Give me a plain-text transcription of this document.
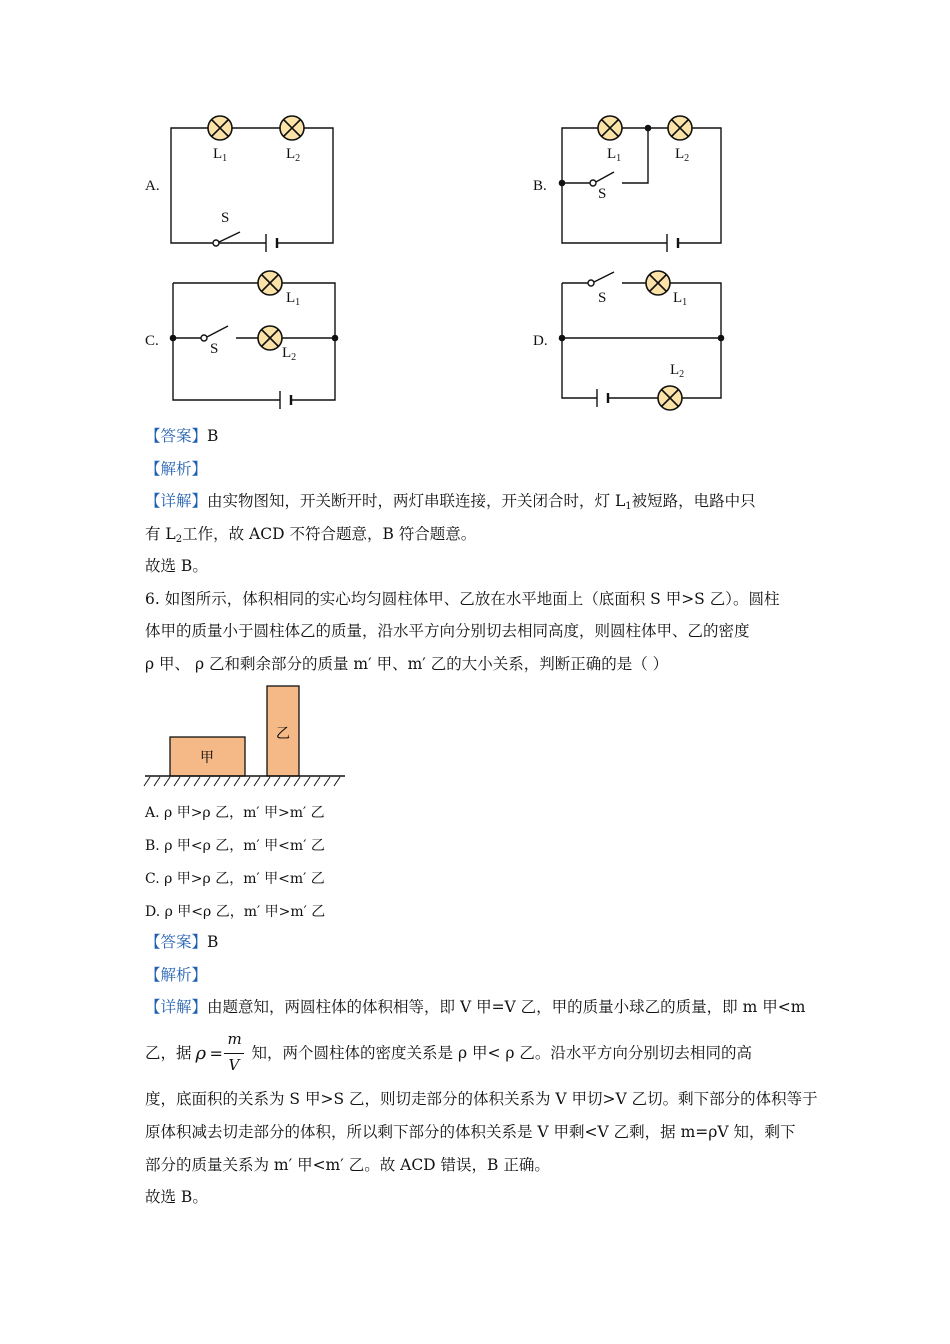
A.
$L_1$	$L_2$
S
B.
$L_1$	$L_2$
S
C.
$L_1$
$L_2$
S	D.
$L_1$
S
$L_2$
【答案】B
【解析】
【详解】由实物图知，开关断开时，两灯串联连接，开关闭合时，灯 $L_1$被短路，电路中只
有 $L_2$工作，故 ACD 不符合题意，B 符合题意。
故选 B。
6. 如图所示，体积相同的实心均匀圆柱体甲、乙放在水平地面上（底面积 S 甲>S 乙）。圆柱
体甲的质量小于圆柱体乙的质量，沿水平方向分别切去相同高度，则圆柱体甲、乙的密度
ρ 甲、 ρ 乙和剩余部分的质量 m′ 甲、m′ 乙的大小关系，判断正确的是（ ）
甲
乙
A. ρ 甲>ρ 乙，m′ 甲>m′ 乙
B. ρ 甲<ρ 乙，m′ 甲<m′ 乙
C. ρ 甲>ρ 乙，m′ 甲<m′ 乙
D. ρ 甲<ρ 乙，m′ 甲>m′ 乙
【答案】B
【解析】
【详解】由题意知，两圆柱体的体积相等，即 V 甲=V 乙，甲的质量小球乙的质量，即 m 甲<m
乙，据 ρ =
m
V
知，两个圆柱体的密度关系是 ρ 甲< ρ 乙。沿水平方向分别切去相同的高
度，底面积的关系为 S 甲>S 乙，则切走部分的体积关系为 V 甲切>V 乙切。剩下部分的体积等于
原体积减去切走部分的体积，所以剩下部分的体积关系是 V 甲剩<V 乙剩，据 m=ρV 知，剩下
部分的质量关系为 m′ 甲<m′ 乙。故 ACD 错误，B 正确。
故选 B。
